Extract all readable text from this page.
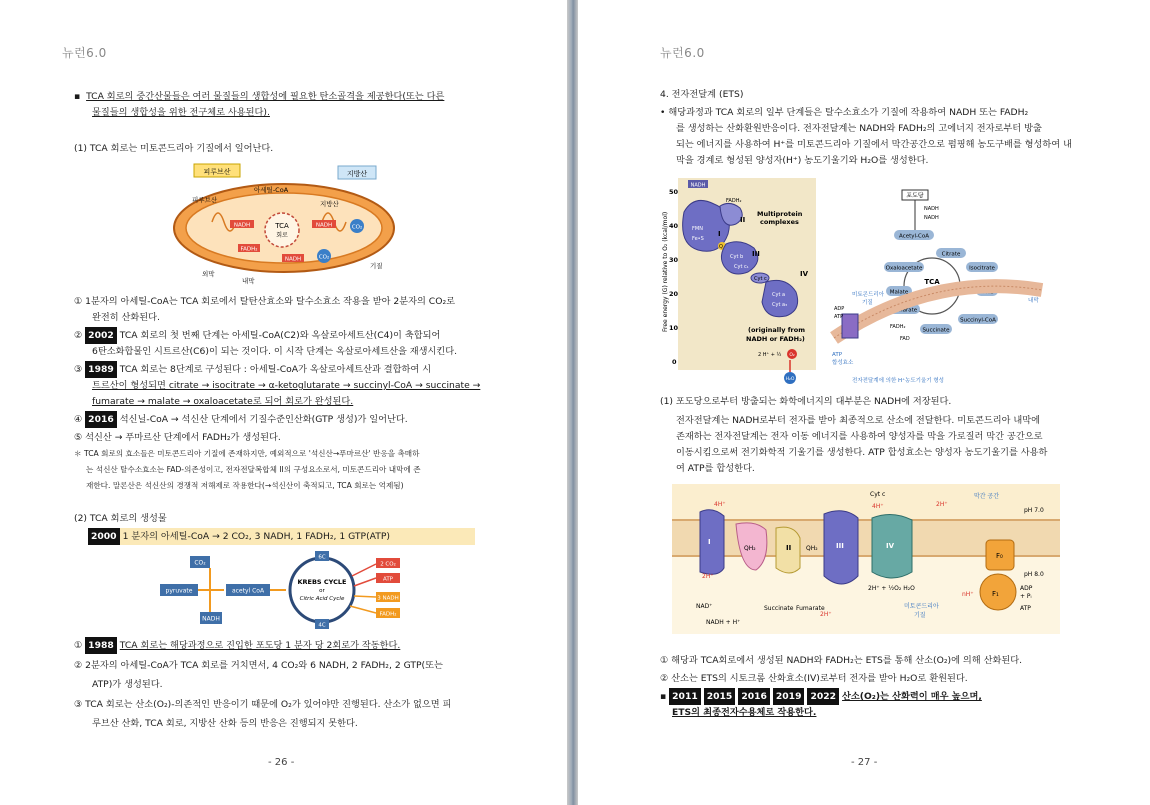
뉴런6.0
▪  TCA 회로의 중간산물들은 여러 물질들의 생합성에 필요한 탄소골격을 제공한다(또는 다른
물질들의 생합성을 위한 전구체로 사용된다).
(1) TCA 회로는 미토콘드리아 기질에서 일어난다.
피루브산	지방산
피루브산
아세틸-CoA
지방산
TCA
회로
NADH	NADH
FADH₂
NADH
CO₂
CO₂
외막
내막
기질
① 1분자의 아세틸-CoA는 TCA 회로에서 탈탄산효소와 탈수소효소 작용을 받아 2분자의 CO₂로
완전히 산화된다.
② 2002 TCA 회로의 첫 번째 단계는 아세틸-CoA(C2)와 옥살로아세트산(C4)이 축합되어
6탄소화합물인 시트르산(C6)이 되는 것이다. 이 시작 단계는 옥살로아세트산을 재생시킨다.
③ 1989 TCA 회로는 8단계로 구성된다 : 아세틸-CoA가 옥살로아세트산과 결합하여 시
트르산이 형성되면 citrate → isocitrate → α-ketoglutarate → succinyl-CoA → succinate →
fumarate → malate → oxaloacetate로 되어 회로가 완성된다.
④ 2016 석신닐-CoA → 석신산 단계에서 기질수준인산화(GTP 생성)가 일어난다.
⑤ 석신산 → 푸마르산 단계에서 FADH₂가 생성된다.
＊ TCA 회로의 효소들은 미토콘드리아 기질에 존재하지만, 예외적으로 '석신산→푸마르산' 반응을 촉매하
는 석신산 탈수소효소는 FAD-의존성이고, 전자전달복합체 II의 구성요소로서, 미토콘드리아 내막에 존
재한다. 말론산은 석신산의 경쟁적 저해제로 작용한다(→석신산이 축적되고, TCA 회로는 억제됨)
(2) TCA 회로의 생성물
2000 1 분자의 아세틸-CoA → 2 CO₂, 3 NADH, 1 FADH₂, 1 GTP(ATP)
pyruvate
CO₂
NADH
acetyl CoA
6C
4C
KREBS CYCLE
or
Citric Acid Cycle
2 CO₂
ATP
3 NADH
FADH₂
① 1988 TCA 회로는 해당과정으로 진입한 포도당 1 분자 당 2회로가 작동한다.
② 2분자의 아세틸-CoA가 TCA 회로를 거치면서, 4 CO₂와 6 NADH, 2 FADH₂, 2 GTP(또는
ATP)가 생성된다.
③ TCA 회로는 산소(O₂)-의존적인 반응이기 때문에 O₂가 있어야만 진행된다. 산소가 없으면 피
루브산 산화, TCA 회로, 지방산 산화 등의 반응은 진행되지 못한다.
- 26 -
뉴런6.0
4. 전자전달계 (ETS)
• 해당과정과 TCA 회로의 일부 단계들은 탈수소효소가 기질에 작용하여 NADH 또는 FADH₂
를 생성하는 산화환원반응이다. 전자전달계는 NADH와 FADH₂의 고에너지 전자로부터 방출
되는 에너지를 사용하여 H⁺를 미토콘드리아 기질에서 막간공간으로 펌핑해 농도구배를 형성하여 내
막을 경계로 형성된 양성자(H⁺) 농도기울기와 H₂O를 생성한다.
Free energy (G) relative to O₂ (kcal/mol)
50
40
30
20
10
0
NADH
FMN
Fe•S
I
FADH₂
II
Multiprotein
complexes
Q
Cyt b III
Cyt c₁
Cyt c
IV
Cyt a
Cyt a₃
(originally from
NADH or FADH₂)
2 H⁺ + ½ O₂
H₂O
포도당
NADH
NADH
Acetyl-CoA
TCA
cycle
Citrate
Oxaloacetate	Isocitrate
Malate	α-KG
Fumarate
Succinyl-CoA
Succinate
FADH₂
FAD
미토콘드리아
기질	내막
ADP
ATP
ATP
합성효소
전자전달계에 의한 H⁺농도기울기 형성
(1) 포도당으로부터 방출되는 화학에너지의 대부분은 NADH에 저장된다.
전자전달계는 NADH로부터 전자를 받아 최종적으로 산소에 전달한다. 미토콘드리아 내막에
존재하는 전자전달계는 전자 이동 에너지를 사용하여 양성자를 막을 가로질러 막간 공간으로
이동시킴으로써 전기화학적 기울기를 생성한다. ATP 합성효소는 양성자 농도기울기를 사용하
여 ATP를 합성한다.
Cyt c	막간 공간
pH 7.0
pH 8.0
4H⁺	4H⁺	2H⁺
I
2H⁺
QH₂	II QH₂	III
2H⁺
IV
2H⁺ + ½O₂ H₂O
F₀
F₁
nH⁺
ADP
+ Pᵢ
ATP
NAD⁺
NADH + H⁺
Succinate Fumarate	미토콘드리아
기질
① 해당과 TCA회로에서 생성된 NADH와 FADH₂는 ETS를 통해 산소(O₂)에 의해 산화된다.
② 산소는 ETS의 시토크롬 산화효소(IV)로부터 전자를 받아 H₂O로 환원된다.
▪ 2011 2015 2016 2019 2022 산소(O₂)는 산화력이 매우 높으며,
ETS의 최종전자수용체로 작용한다.
- 27 -
